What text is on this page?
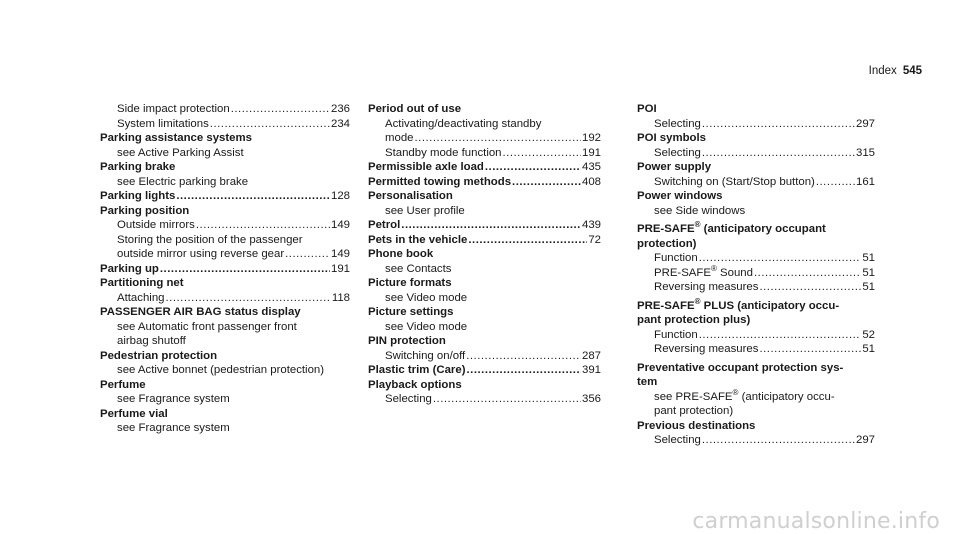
Index 545
Side impact protection .....	236
System limitations .....	234
Parking assistance systems
see Active Parking Assist
Parking brake
see Electric parking brake
Parking lights .....	128
Parking position
Outside mirrors .....	149
Storing the position of the passenger
outside mirror using reverse gear .....	149
Parking up .....	191
Partitioning net
Attaching .....	118
PASSENGER AIR BAG status display
see Automatic front passenger front
airbag shutoff
Pedestrian protection
see Active bonnet (pedestrian protection)
Perfume
see Fragrance system
Perfume vial
see Fragrance system
Period out of use
Activating/deactivating standby
mode .....	192
Standby mode function .....	191
Permissible axle load .....	435
Permitted towing methods .....	408
Personalisation
see User profile
Petrol .....	439
Pets in the vehicle .....	72
Phone book
see Contacts
Picture formats
see Video mode
Picture settings
see Video mode
PIN protection
Switching on/off .....	287
Plastic trim (Care) .....	391
Playback options
Selecting .....	356
POI
Selecting .....	297
POI symbols
Selecting .....	315
Power supply
Switching on (Start/Stop button) .....	161
Power windows
see Side windows
PRE-SAFE® (anticipatory occupant
protection)
Function .....	51
PRE-SAFE® Sound .....	51
Reversing measures .....	51
PRE-SAFE® PLUS (anticipatory occu-
pant protection plus)
Function .....	52
Reversing measures .....	51
Preventative occupant protection sys-
tem
see PRE-SAFE® (anticipatory occu-
pant protection)
Previous destinations
Selecting .....	297
carmanualsonline.info
